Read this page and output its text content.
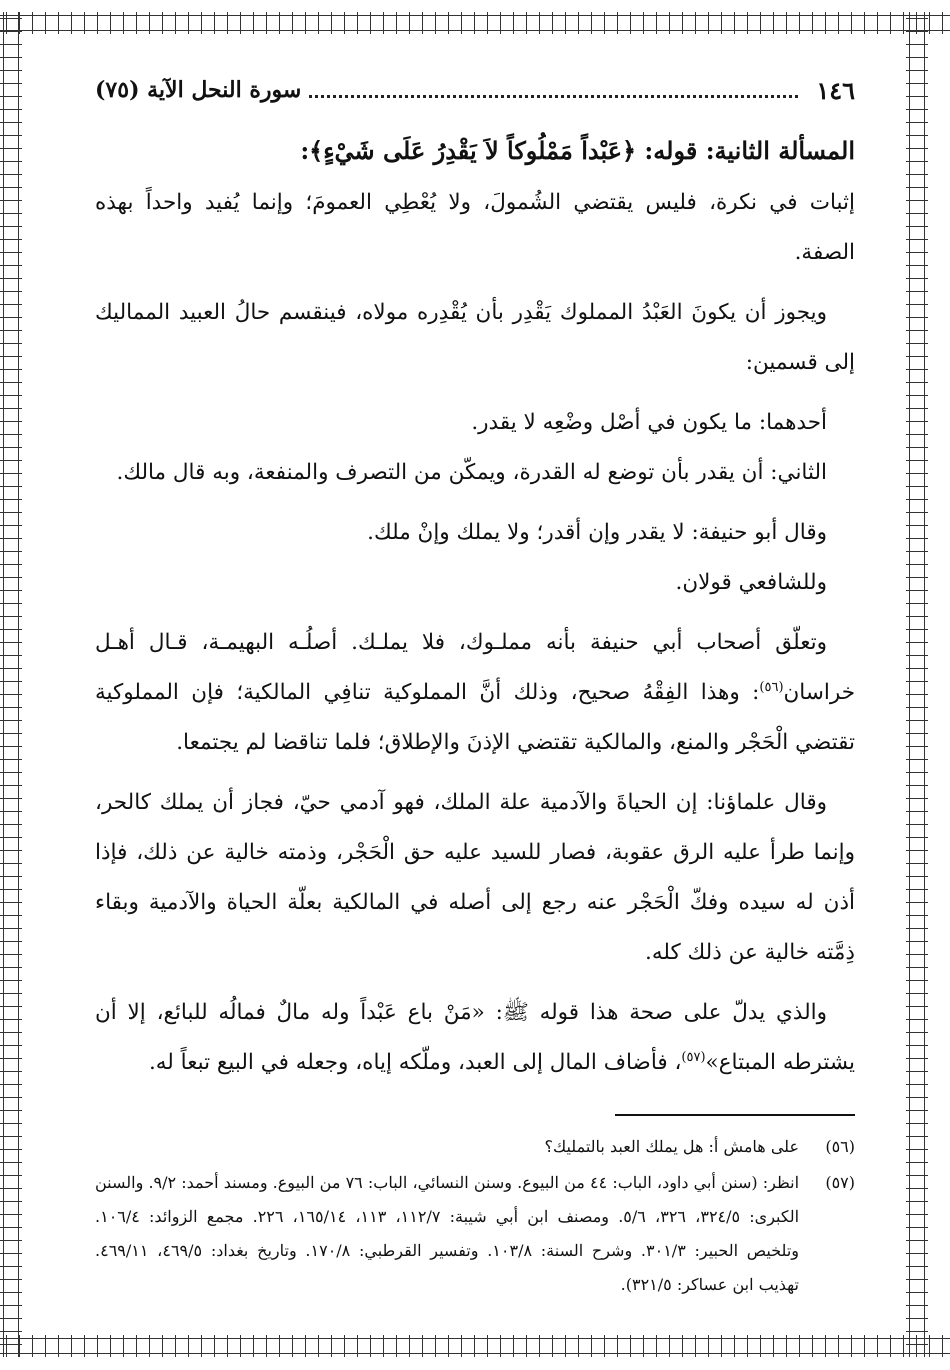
١٤٦
سورة النحل الآية (٧٥)

المسألة الثانية: قوله: ﴿عَبْداً مَمْلُوكاً لاَ يَقْدِرُ عَلَى شَيْءٍ﴾:

إثبات في نكرة، فليس يقتضي الشُمولَ، ولا يُعْطِي العمومَ؛ وإنما يُفيد واحداً بهذه الصفة.

ويجوز أن يكونَ العَبْدُ المملوك يَقْدِر بأن يُقْدِره مولاه، فينقسم حالُ العبيد المماليك إلى قسمين:

أحدهما: ما يكون في أصْل وضْعِه لا يقدر.

الثاني: أن يقدر بأن توضع له القدرة، ويمكّن من التصرف والمنفعة، وبه قال مالك.

وقال أبو حنيفة: لا يقدر وإن أقدر؛ ولا يملك وإنْ ملك.

وللشافعي قولان.

وتعلّق أصحاب أبي حنيفة بأنه مملـوك، فلا يملـك. أصلُـه البهيمـة، قـال أهـل خراسان$^{(٥٦)}$: وهذا الفِقْهُ صحيح، وذلك أنَّ المملوكية تنافِي المالكية؛ فإن المملوكية تقتضي الْحَجْر والمنع، والمالكية تقتضي الإذنَ والإطلاق؛ فلما تناقضا لم يجتمعا.

وقال علماؤنا: إن الحياةَ والآدمية علة الملك، فهو آدمي حيّ، فجاز أن يملك كالحر، وإنما طرأ عليه الرق عقوبة، فصار للسيد عليه حق الْحَجْر، وذمته خالية عن ذلك، فإذا أذن له سيده وفكّ الْحَجْر عنه رجع إلى أصله في المالكية بعلّة الحياة والآدمية وبقاء ذِمَّته خالية عن ذلك كله.

والذي يدلّ على صحة هذا قوله ﷺ: «مَنْ باع عَبْداً وله مالٌ فمالُه للبائع، إلا أن يشترطه المبتاع»$^{(٥٧)}$، فأضاف المال إلى العبد، وملّكه إياه، وجعله في البيع تبعاً له.

(٥٦)
على هامش أ: هل يملك العبد بالتمليك؟
(٥٧)
انظر: (سنن أبي داود، الباب: ٤٤ من البيوع. وسنن النسائي، الباب: ٧٦ من البيوع. ومسند أحمد: ٩/٢. والسنن الكبرى: ٣٢٤/٥، ٣٢٦، ٥/٦. ومصنف ابن أبي شيبة: ١١٢/٧، ١١٣، ١٦٥/١٤، ٢٢٦. مجمع الزوائد: ١٠٦/٤. وتلخيص الحبير: ٣٠١/٣. وشرح السنة: ١٠٣/٨. وتفسير القرطبي: ١٧٠/٨. وتاريخ بغداد: ٤٦٩/٥، ٤٦٩/١١. تهذيب ابن عساكر: ٣٢١/٥).
